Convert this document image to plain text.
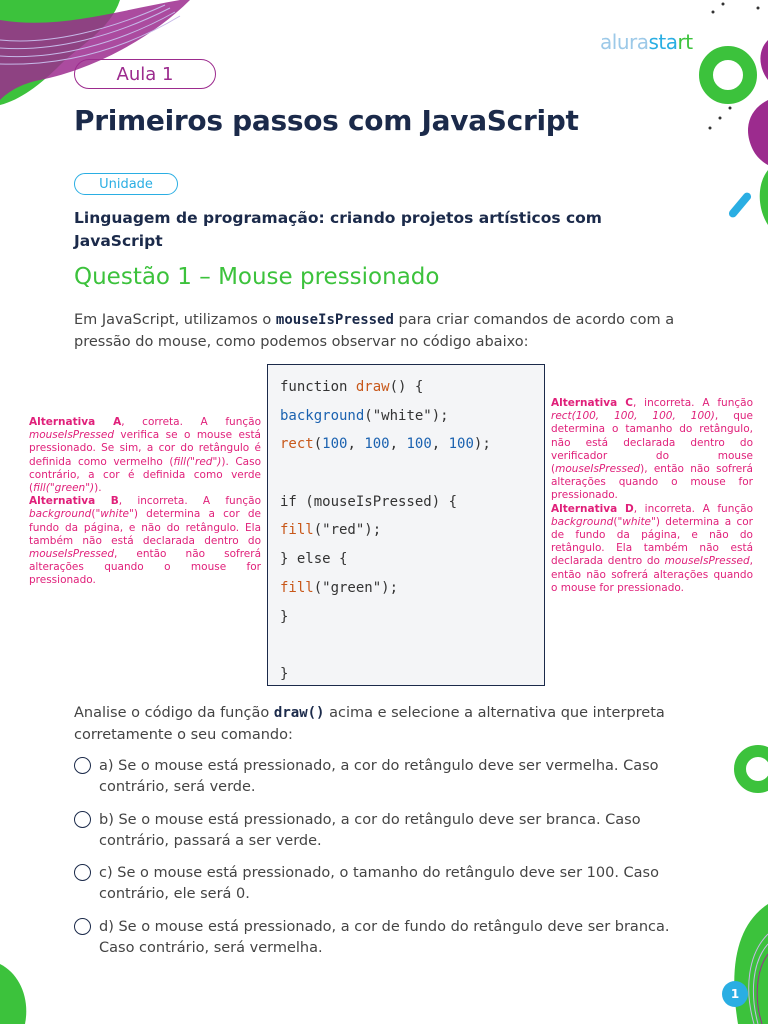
alurastart
Aula 1
Primeiros passos com JavaScript
Unidade
Linguagem de programação: criando projetos artísticos com JavaScript
Questão 1 – Mouse pressionado
Em JavaScript, utilizamos o mouseIsPressed para criar comandos de acordo com a pressão do mouse, como podemos observar no código abaixo:

Alternativa A, correta. A função mouseIsPressed verifica se o mouse está pressionado. Se sim, a cor do retângulo é definida como vermelho (fill("red")). Caso contrário, a cor é definida como verde (fill("green")).

Alternativa B, incorreta. A função background("white") determina a cor de fundo da página, e não do retângulo. Ela também não está declarada dentro do mouseIsPressed, então não sofrerá alterações quando o mouse for pressionado.

function draw() {
background("white");
rect(100, 100, 100, 100);
if (mouseIsPressed) {
fill("red");
} else {
fill("green");
}
}

Alternativa C, incorreta. A função rect(100, 100, 100, 100), que determina o tamanho do retângulo, não está declarada dentro do verificador do mouse (mouseIsPressed), então não sofrerá alterações quando o mouse for pressionado.

Alternativa D, incorreta. A função background("white") determina a cor de fundo da página, e não do retângulo. Ela também não está declarada dentro do mouseIsPressed, então não sofrerá alterações quando o mouse for pressionado.

Analise o código da função draw() acima e selecione a alternativa que interpreta corretamente o seu comando:
a) Se o mouse está pressionado, a cor do retângulo deve ser vermelha. Caso contrário, será verde.
b) Se o mouse está pressionado, a cor do retângulo deve ser branca. Caso contrário, passará a ser verde.
c) Se o mouse está pressionado, o tamanho do retângulo deve ser 100. Caso contrário, ele será 0.
d) Se o mouse está pressionado, a cor de fundo do retângulo deve ser branca. Caso contrário, será vermelha.
1
